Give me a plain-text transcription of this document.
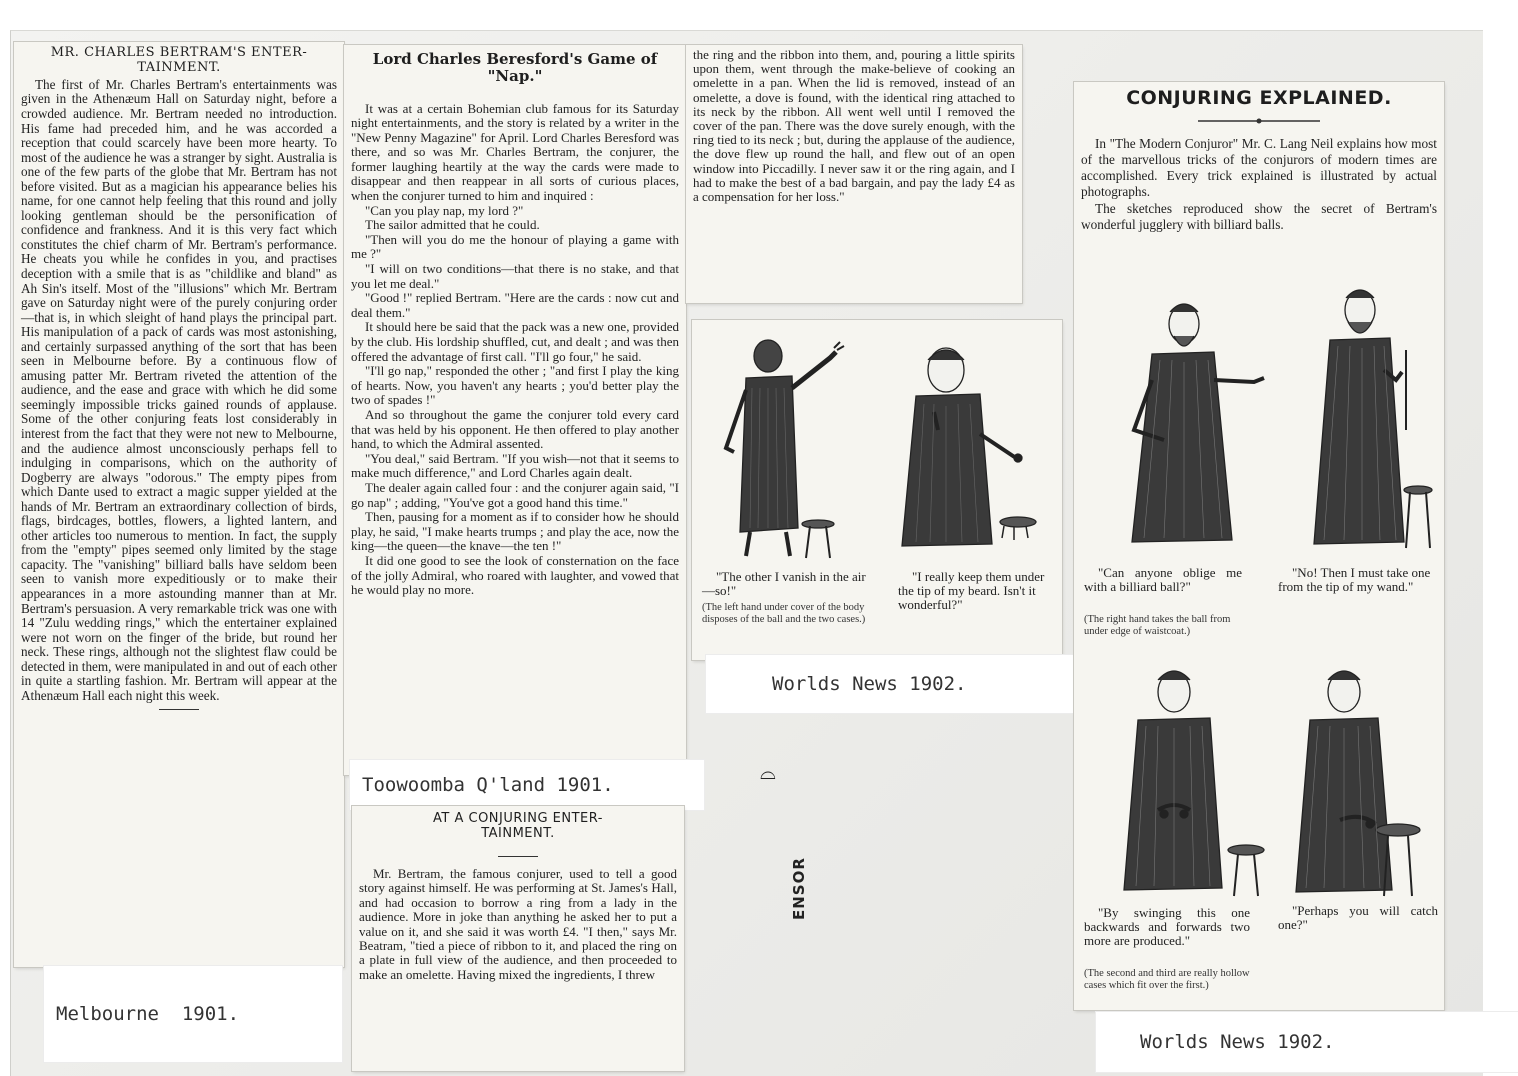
MR. CHARLES BERTRAM'S ENTER-TAINMENT.

The first of Mr. Charles Bertram's entertainments was given in the Athenæum Hall on Saturday night, before a crowded audience. Mr. Bertram needed no introduction. His fame had preceded him, and he was accorded a reception that could scarcely have been more hearty. To most of the audience he was a stranger by sight. Australia is one of the few parts of the globe that Mr. Bertram has not before visited. But as a magician his appearance belies his name, for one cannot help feeling that this round and jolly looking gentleman should be the personification of confidence and frankness. And it is this very fact which constitutes the chief charm of Mr. Bertram's performance. He cheats you while he confides in you, and practises deception with a smile that is as "childlike and bland" as Ah Sin's itself. Most of the "illusions" which Mr. Bertram gave on Saturday night were of the purely conjuring order—that is, in which sleight of hand plays the principal part. His manipulation of a pack of cards was most astonishing, and certainly surpassed anything of the sort that has been seen in Melbourne before. By a continuous flow of amusing patter Mr. Bertram riveted the attention of the audience, and the ease and grace with which he did some seemingly impossible tricks gained rounds of applause. Some of the other conjuring feats lost considerably in interest from the fact that they were not new to Melbourne, and the audience almost unconsciously perhaps fell to indulging in comparisons, which on the authority of Dogberry are always "odorous." The empty pipes from which Dante used to extract a magic supper yielded at the hands of Mr. Bertram an extraordinary collection of birds, flags, birdcages, bottles, flowers, a lighted lantern, and other articles too numerous to mention. In fact, the supply from the "empty" pipes seemed only limited by the stage capacity. The "vanishing" billiard balls have seldom been seen to vanish more expeditiously or to make their appearances in a more astounding manner than at Mr. Bertram's persuasion. A very remarkable trick was one with 14 "Zulu wedding rings," which the entertainer explained were not worn on the finger of the bride, but round her neck. These rings, although not the slightest flaw could be detected in them, were manipulated in and out of each other in quite a startling fashion. Mr. Bertram will appear at the Athenæum Hall each night this week.

Melbourne  1901.
Lord Charles Beresford's Game of "Nap."

It was at a certain Bohemian club famous for its Saturday night entertainments, and the story is related by a writer in the "New Penny Magazine" for April. Lord Charles Beresford was there, and so was Mr. Charles Bertram, the conjurer, the former laughing heartily at the way the cards were made to disappear and then reappear in all sorts of curious places, when the conjurer turned to him and inquired :

"Can you play nap, my lord ?"

The sailor admitted that he could.

"Then will you do me the honour of playing a game with me ?"

"I will on two conditions—that there is no stake, and that you let me deal."

"Good !" replied Bertram. "Here are the cards : now cut and deal them."

It should here be said that the pack was a new one, provided by the club. His lordship shuffled, cut, and dealt ; and was then offered the advantage of first call. "I'll go four," he said.

"I'll go nap," responded the other ; "and first I play the king of hearts. Now, you haven't any hearts ; you'd better play the two of spades !"

And so throughout the game the conjurer told every card that was held by his opponent. He then offered to play another hand, to which the Admiral assented.

"You deal," said Bertram. "If you wish—not that it seems to make much difference," and Lord Charles again dealt.

The dealer again called four : and the conjurer again said, "I go nap" ; adding, "You've got a good hand this time."

Then, pausing for a moment as if to consider how he should play, he said, "I make hearts trumps ; and play the ace, now the king—the queen—the knave—the ten !"

It did one good to see the look of consternation on the face of the jolly Admiral, who roared with laughter, and vowed that he would play no more.

Toowoomba Q'land 1901.
AT A CONJURING ENTER-TAINMENT.

Mr. Bertram, the famous conjurer, used to tell a good story against himself. He was performing at St. James's Hall, and had occasion to borrow a ring from a lady in the audience. More in joke than anything he asked her to put a value on it, and she said it was worth £4. "I then," says Mr. Beatram, "tied a piece of ribbon to it, and placed the ring on a plate in full view of the audience, and then proceeded to make an omelette. Having mixed the ingredients, I threw

the ring and the ribbon into them, and, pouring a little spirits upon them, went through the make-believe of cooking an omelette in a pan. When the lid is removed, instead of an omelette, a dove is found, with the identical ring attached to its neck by the ribbon. All went well until I removed the cover of the pan. There was the dove surely enough, with the ring tied to its neck ; but, during the applause of the audience, the dove flew up round the hall, and flew out of an open window into Piccadilly. I never saw it or the ring again, and I had to make the best of a bad bargain, and pay the lady £4 as a compensation for her loss."

"The other I vanish in the air—so!"
(The left hand under cover of the body disposes of the ball and the two cases.)
"I really keep them under the tip of my beard. Isn't it wonderful?"
Worlds News 1902.
⌓
ENSOR
CONJURING EXPLAINED.

In "The Modern Conjuror" Mr. C. Lang Neil explains how most of the marvellous tricks of the conjurors of modern times are accomplished. Every trick explained is illustrated by actual photographs.

The sketches reproduced show the secret of Bertram's wonderful jugglery with billiard balls.

"Can anyone oblige me with a billiard ball?"
(The right hand takes the ball from under edge of waistcoat.)
"No! Then I must take one from the tip of my wand."
"By swinging this one backwards and forwards two more are produced."
(The second and third are really hollow cases which fit over the first.)
"Perhaps you will catch one?"
Worlds News 1902.
